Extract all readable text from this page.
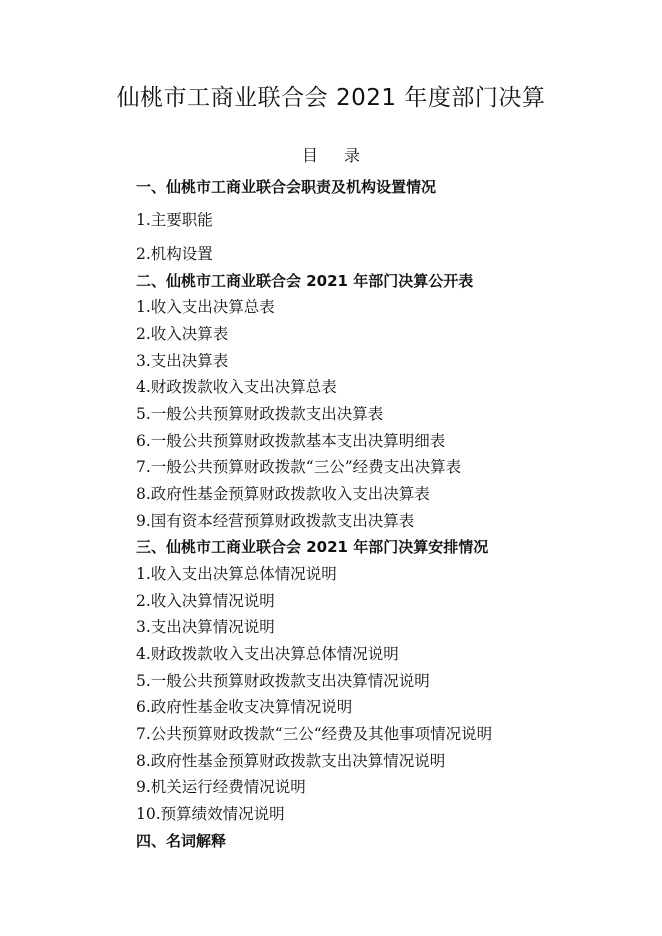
仙桃市工商业联合会 2021 年度部门决算
目 录
一、仙桃市工商业联合会职责及机构设置情况
1.主要职能
2.机构设置
二、仙桃市工商业联合会 2021 年部门决算公开表
1.收入支出决算总表
2.收入决算表
3.支出决算表
4.财政拨款收入支出决算总表
5.一般公共预算财政拨款支出决算表
6.一般公共预算财政拨款基本支出决算明细表
7.一般公共预算财政拨款“三公”经费支出决算表
8.政府性基金预算财政拨款收入支出决算表
9.国有资本经营预算财政拨款支出决算表
三、仙桃市工商业联合会 2021 年部门决算安排情况
1.收入支出决算总体情况说明
2.收入决算情况说明
3.支出决算情况说明
4.财政拨款收入支出决算总体情况说明
5.一般公共预算财政拨款支出决算情况说明
6.政府性基金收支决算情况说明
7.公共预算财政拨款“三公“经费及其他事项情况说明
8.政府性基金预算财政拨款支出决算情况说明
9.机关运行经费情况说明
10.预算绩效情况说明
四、名词解释
